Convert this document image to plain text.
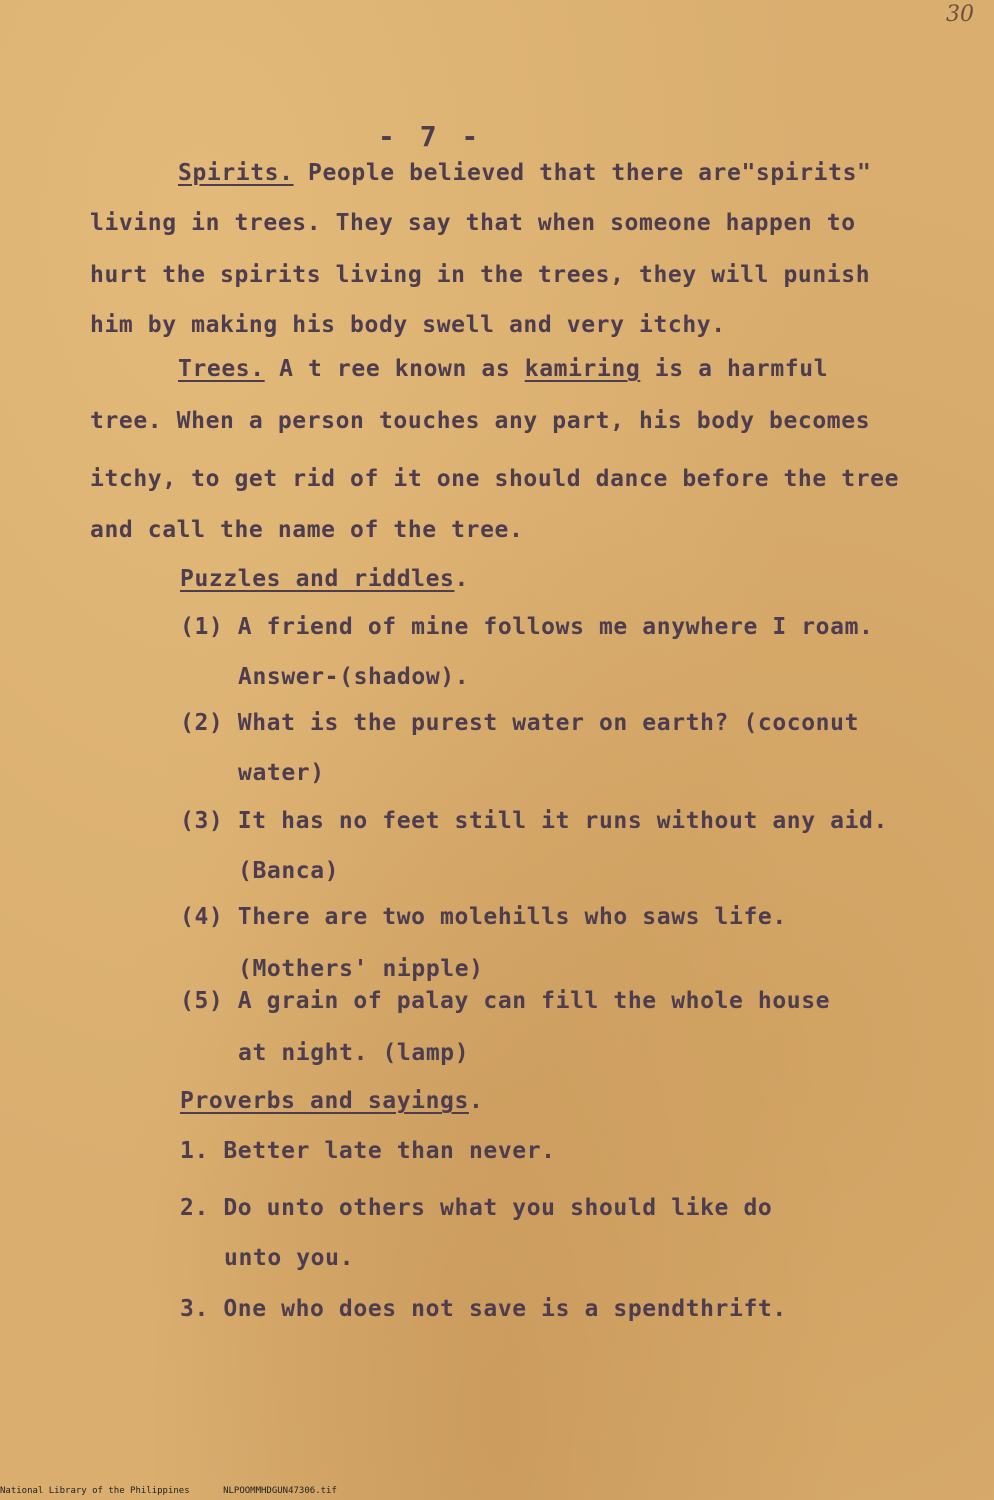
30
- 7 -
Spirits. People believed that there are"spirits"
living in trees. They say that when someone happen to
hurt the spirits living in the trees, they will punish
him by making his body swell and very itchy.
Trees. A t ree known as kamiring is a harmful
tree. When a person touches any part, his body becomes
itchy, to get rid of it one should dance before the tree
and call the name of the tree.
Puzzles and riddles.
(1) A friend of mine follows me anywhere I roam.
Answer-(shadow).
(2) What is the purest water on earth? (coconut
water)
(3) It has no feet still it runs without any aid.
(Banca)
(4) There are two molehills who saws life.
(Mothers' nipple)
(5) A grain of palay can fill the whole house
at night. (lamp)
Proverbs and sayings.
1. Better late than never.
2. Do unto others what you should like do
unto you.
3. One who does not save is a spendthrift.
National Library of the Philippines	NLPOOMMHDGUN47306.tif
